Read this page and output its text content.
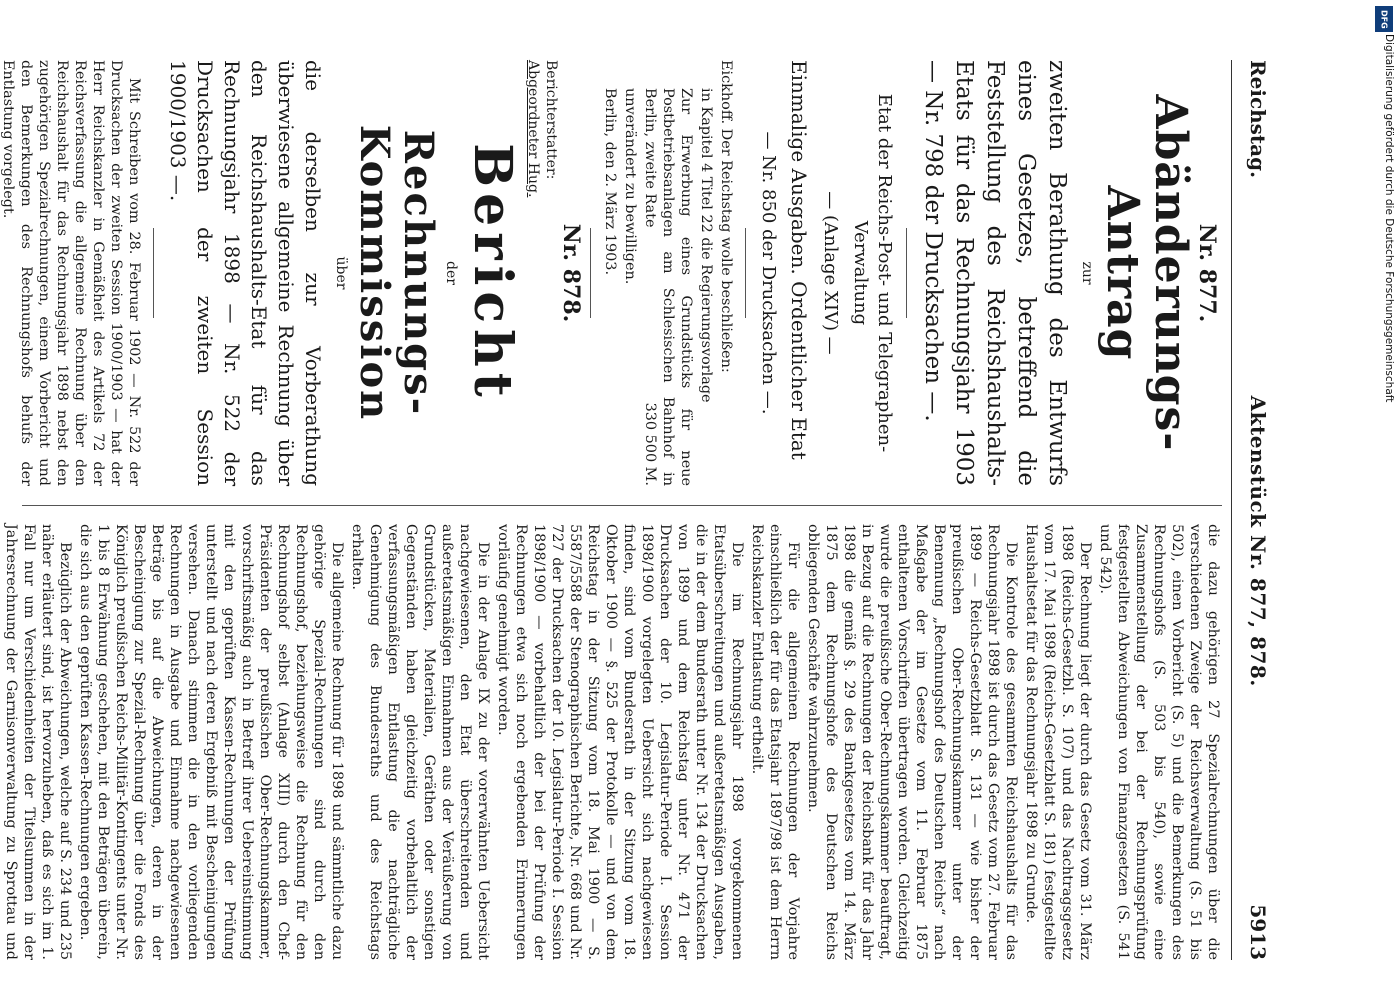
Reichstag.
Aktenstück Nr. 877, 878.
5913
Nr. 877.
Abänderungs-Antrag
zur
zweiten Berathung des Entwurfs eines Gesetzes, betreffend die Feststellung des Reichshaushalts-Etats für das Rechnungsjahr 1903 — Nr. 798 der Drucksachen —.
Etat der Reichs-Post- und Telegraphen-Verwaltung
— (Anlage XIV) —
Einmalige Ausgaben. Ordentlicher Etat
— Nr. 850 der Drucksachen —.

Eickhoff. Der Reichstag wolle beschließen:

in Kapitel 4 Titel 22 die Regierungsvorlage

Zur Erwerbung eines Grundstücks für neue Postbetriebsanlagen am Schlesischen Bahnhof in Berlin, zweite Rate
330 500 M.

unverändert zu bewilligen.

Berlin, den 2. März 1903.

Nr. 878.
Berichterstatter:
Abgeordneter Hug.
Bericht
der
Rechnungs-Kommission
über
die derselben zur Vorberathung überwiesene allgemeine Rechnung über den Reichshaushalts-Etat für das Rechnungsjahr 1898 — Nr. 522 der Drucksachen der zweiten Session 1900/1903 —.

Mit Schreiben vom 28. Februar 1902 — Nr. 522 der Drucksachen der zweiten Session 1900/1903 — hat der Herr Reichskanzler in Gemäßheit des Artikels 72 der Reichsverfassung die allgemeine Rechnung über den Reichshaushalt für das Rechnungsjahr 1898 nebst den zugehörigen Spezialrechnungen, einem Vorbericht und den Bemerkungen des Rechnungshofs behufs der Entlastung vorgelegt.

die dazu gehörigen 27 Spezialrechnungen über die verschiedenen Zweige der Reichsverwaltung (S. 51 bis 502), einen Vorbericht (S. 5) und die Bemerkungen des Rechnungshofs (S. 503 bis 540), sowie eine Zusammenstellung der bei der Rechnungsprüfung festgestellten Abweichungen von Finanzgesetzen (S. 541 und 542).

Der Rechnung liegt der durch das Gesetz vom 31. März 1898 (Reichs-Gesetzbl. S. 107) und das Nachtragsgesetz vom 17. Mai 1898 (Reichs-Gesetzblatt S. 181) festgestellte Haushaltsetat für das Rechnungsjahr 1898 zu Grunde.

Die Kontrole des gesammten Reichshaushalts für das Rechnungsjahr 1898 ist durch das Gesetz vom 27. Februar 1899 — Reichs-Gesetzblatt S. 131 — wie bisher der preußischen Ober-Rechnungskammer unter der Benennung „Rechnungshof des Deutschen Reichs“ nach Maßgabe der im Gesetze vom 11. Februar 1875 enthaltenen Vorschriften übertragen worden. Gleichzeitig wurde die preußische Ober-Rechnungskammer beauftragt, in Bezug auf die Rechnungen der Reichsbank für das Jahr 1898 die gemäß §. 29 des Bankgesetzes vom 14. März 1875 dem Rechnungshofe des Deutschen Reichs obliegenden Geschäfte wahrzunehmen.

Für die allgemeinen Rechnungen der Vorjahre einschließlich der für das Etatsjahr 1897/98 ist dem Herrn Reichskanzler Entlastung ertheilt.

Die im Rechnungsjahr 1898 vorgekommenen Etatsüberschreitungen und außeretatsmäßigen Ausgaben, die in der dem Bundesrath unter Nr. 134 der Drucksachen von 1899 und dem Reichstag unter Nr. 471 der Drucksachen der 10. Legislatur-Periode I. Session 1898/1900 vorgelegten Uebersicht sich nachgewiesen finden, sind vom Bundesrath in der Sitzung vom 18. Oktober 1900 — §. 525 der Protokolle — und von dem Reichstag in der Sitzung vom 18. Mai 1900 — S. 5587/5588 der Stenographischen Berichte, Nr. 668 und Nr. 727 der Drucksachen der 10. Legislatur-Periode I. Session 1898/1900 — vorbehaltlich der bei der Prüfung der Rechnungen etwa sich noch ergebenden Erinnerungen vorläufig genehmigt worden.

Die in der Anlage IX zu der vorerwähnten Uebersicht nachgewiesenen, den Etat überschreitenden und außeretatsmäßigen Einnahmen aus der Veräußerung von Grundstücken, Materialien, Geräthen oder sonstigen Gegenständen haben gleichzeitig vorbehaltlich der verfassungsmäßigen Entlastung die nachträgliche Genehmigung des Bundesraths und des Reichstags erhalten.

Die allgemeine Rechnung für 1898 und sämmtliche dazu gehörige Spezial-Rechnungen sind durch den Rechnungshof, beziehungsweise die Rechnung für den Rechnungshof selbst (Anlage XIII) durch den Chef-Präsidenten der preußischen Ober-Rechnungskammer, vorschriftsmäßig auch in Betreff ihrer Uebereinstimmung mit den geprüften Kassen-Rechnungen der Prüfung unterstellt und nach deren Ergebniß mit Bescheinigungen versehen. Danach stimmen die in den vorliegenden Rechnungen in Ausgabe und Einnahme nachgewiesenen Beträge bis auf die Abweichungen, deren in der Bescheinigung zur Spezial-Rechnung über die Fonds des Königlich preußischen Reichs-Militär-Kontingents unter Nr. 1 bis 8 Erwähnung geschehen, mit den Beträgen überein, die sich aus den geprüften Kassen-Rechnungen ergeben.

Bezüglich der Abweichungen, welche auf S. 234 und 235 näher erläutert sind, ist hervorzuheben, daß es sich im 1. Fall nur um Verschiedenheiten der Titelsummen in der Jahresrechnung der Garnisonverwaltung zu Sprottau und

DFG
Digitalisierung gefördert durch die Deutsche Forschungsgemeinschaft
